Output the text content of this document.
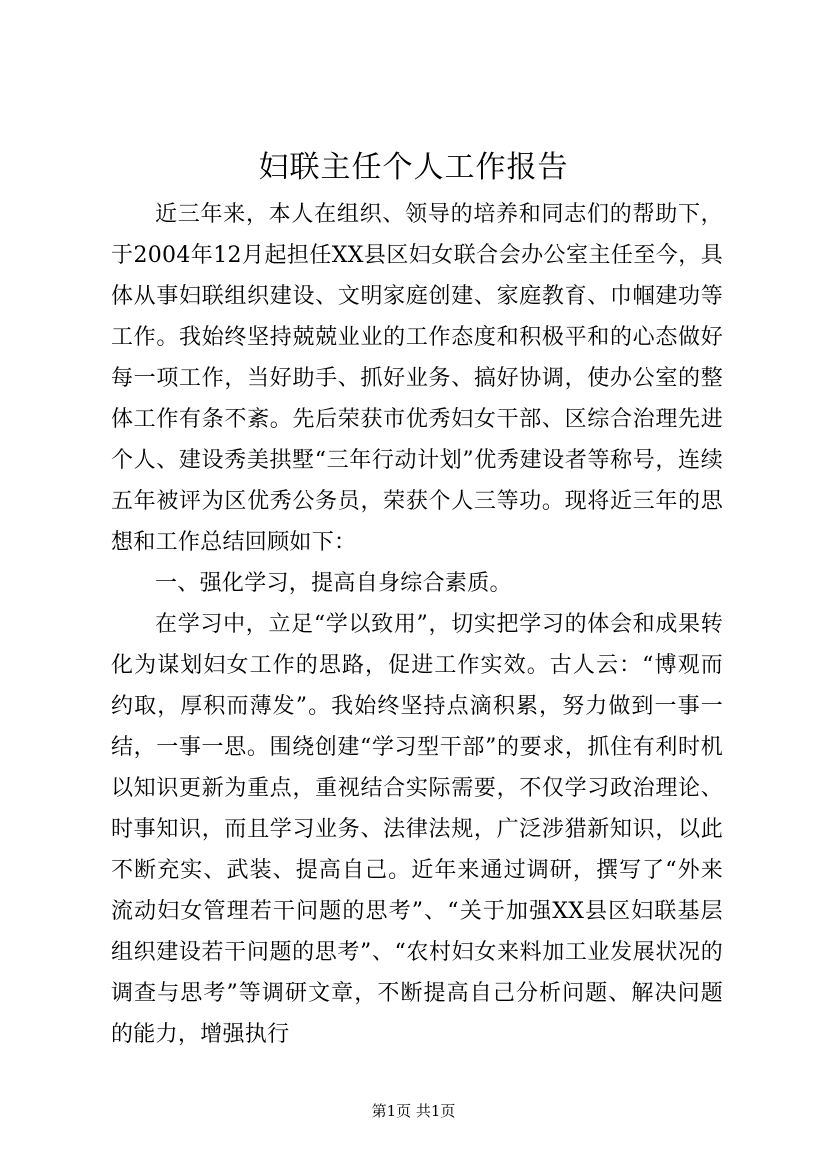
妇联主任个人工作报告

近三年来，本人在组织、领导的培养和同志们的帮助下，于2004年12月起担任XX县区妇女联合会办公室主任至今，具体从事妇联组织建设、文明家庭创建、家庭教育、巾帼建功等工作。我始终坚持兢兢业业的工作态度和积极平和的心态做好每一项工作，当好助手、抓好业务、搞好协调，使办公室的整体工作有条不紊。先后荣获市优秀妇女干部、区综合治理先进个人、建设秀美拱墅“三年行动计划”优秀建设者等称号，连续五年被评为区优秀公务员，荣获个人三等功。现将近三年的思想和工作总结回顾如下：

一、强化学习，提高自身综合素质。

在学习中，立足“学以致用”，切实把学习的体会和成果转化为谋划妇女工作的思路，促进工作实效。古人云：“博观而约取，厚积而薄发”。我始终坚持点滴积累，努力做到一事一结，一事一思。围绕创建“学习型干部”的要求，抓住有利时机以知识更新为重点，重视结合实际需要，不仅学习政治理论、时事知识，而且学习业务、法律法规，广泛涉猎新知识，以此不断充实、武装、提高自己。近年来通过调研，撰写了“外来流动妇女管理若干问题的思考”、“关于加强XX县区妇联基层组织建设若干问题的思考”、“农村妇女来料加工业发展状况的调查与思考”等调研文章，不断提高自己分析问题、解决问题的能力，增强执行

第1页 共1页
